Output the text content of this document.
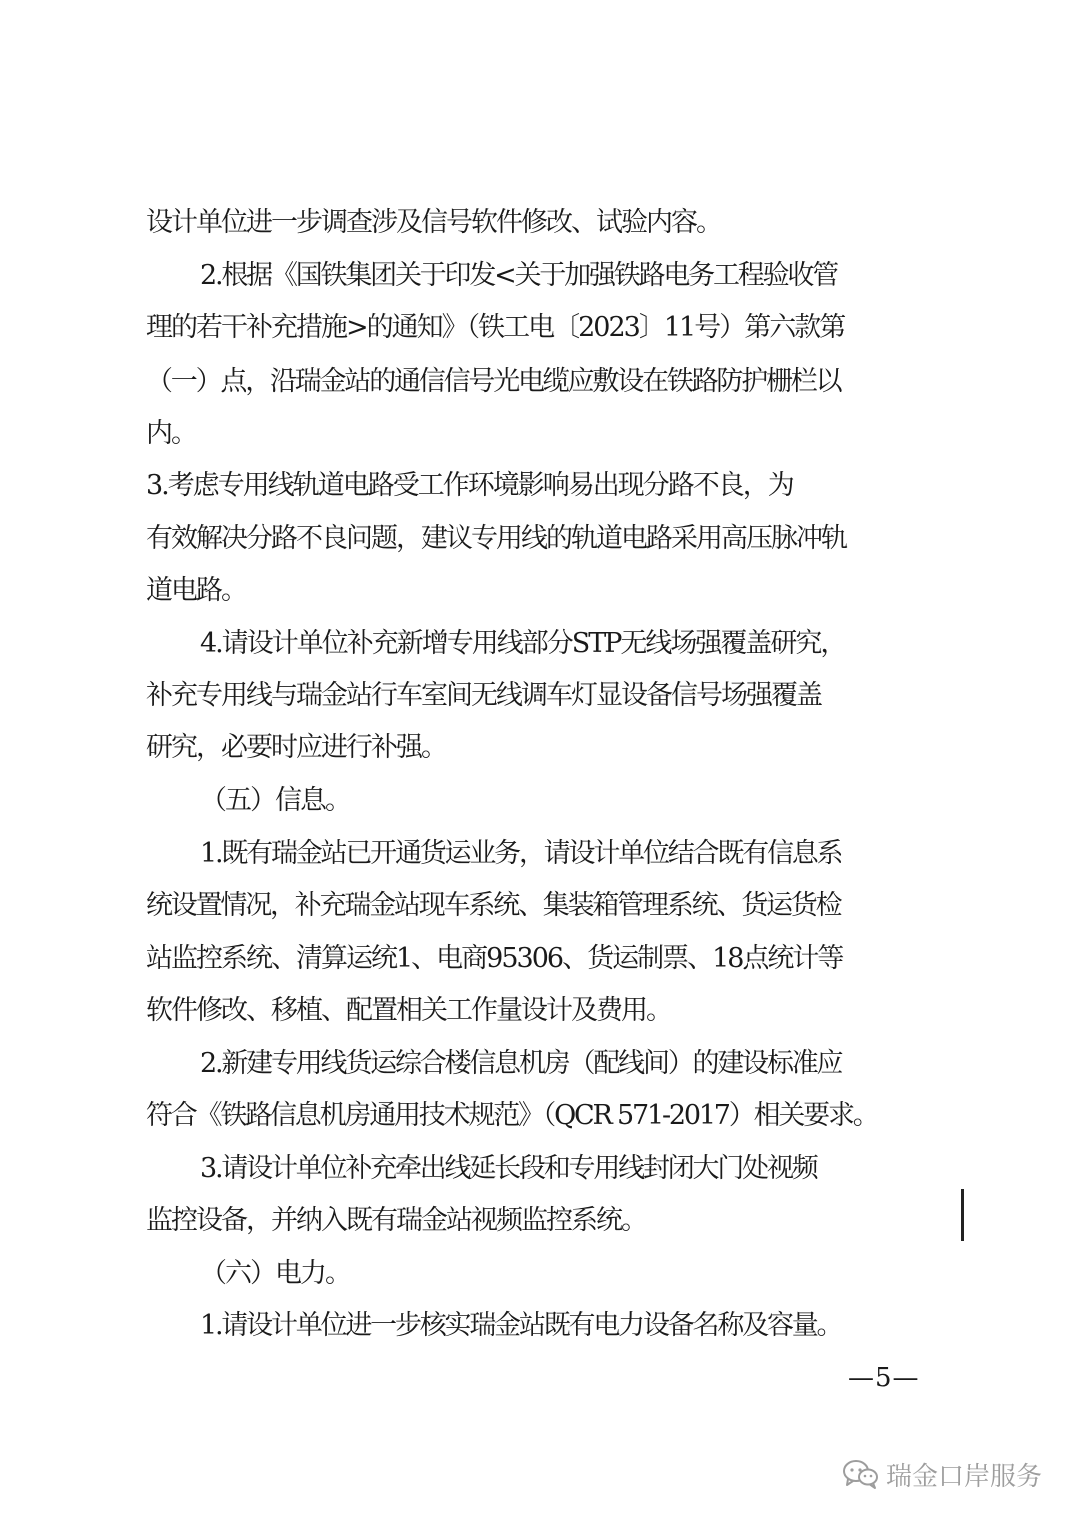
设计单位进一步调查涉及信号软件修改、试验内容。
2.根据《国铁集团关于印发<关于加强铁路电务工程验收管
理的若干补充措施>的通知》（铁工电〔2023〕11号）第六款第
（一）点，沿瑞金站的通信信号光电缆应敷设在铁路防护栅栏以
内。
3.考虑专用线轨道电路受工作环境影响易出现分路不良，为
有效解决分路不良问题，建议专用线的轨道电路采用高压脉冲轨
道电路。
4.请设计单位补充新增专用线部分STP无线场强覆盖研究，
补充专用线与瑞金站行车室间无线调车灯显设备信号场强覆盖
研究，必要时应进行补强。
（五）信息。
1.既有瑞金站已开通货运业务，请设计单位结合既有信息系
统设置情况，补充瑞金站现车系统、集装箱管理系统、货运货检
站监控系统、清算运统1、电商95306、货运制票、18点统计等
软件修改、移植、配置相关工作量设计及费用。
2.新建专用线货运综合楼信息机房（配线间）的建设标准应
符合《铁路信息机房通用技术规范》（QCR 571-2017）相关要求。
3.请设计单位补充牵出线延长段和专用线封闭大门处视频
监控设备，并纳入既有瑞金站视频监控系统。
（六）电力。
1.请设计单位进一步核实瑞金站既有电力设备名称及容量。
—5—
瑞金口岸服务
